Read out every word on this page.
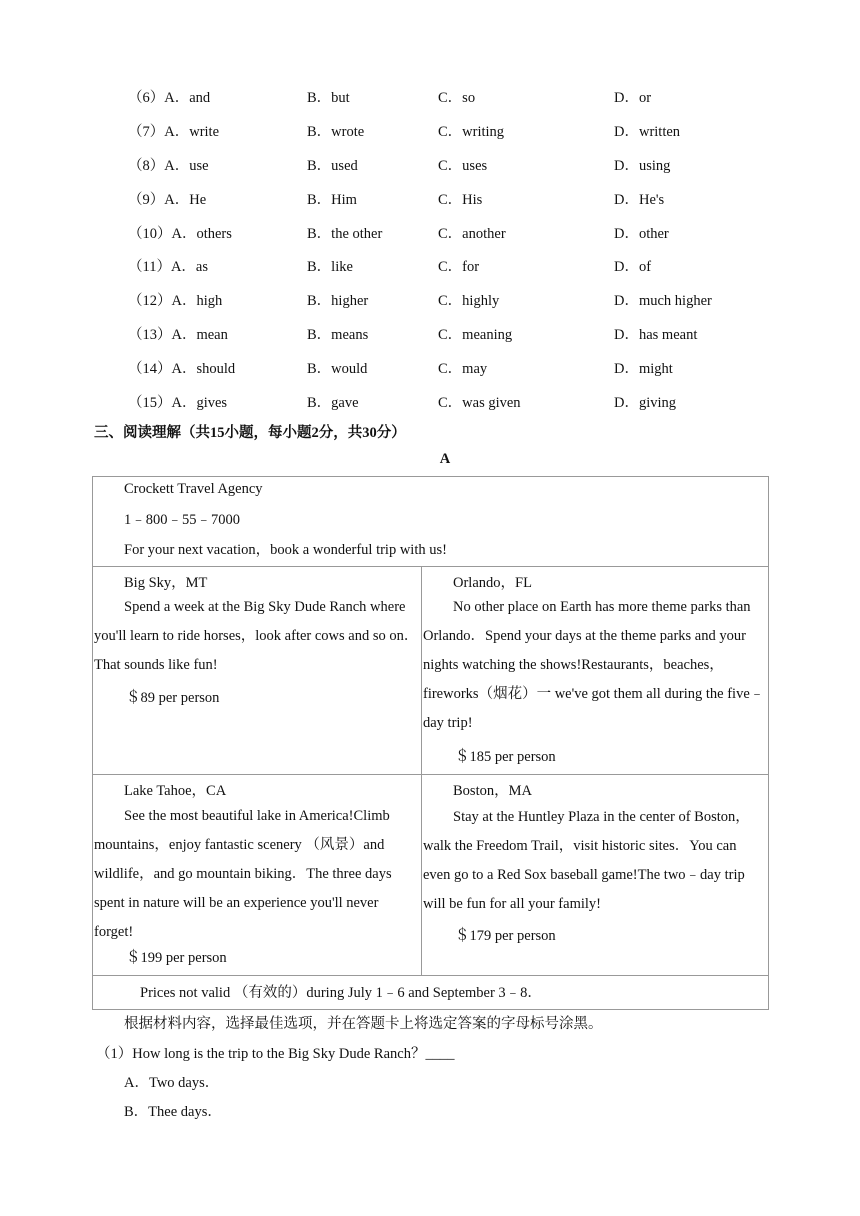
（6）A．and	B．but	C．so	D．or
（7）A．write	B．wrote	C．writing	D．written
（8）A．use	B．used	C．uses	D．using
（9）A．He	B．Him	C．His	D．He's
（10）A．others	B．the other	C．another	D．other
（11）A．as	B．like	C．for	D．of
（12）A．high	B．higher	C．highly	D．much higher
（13）A．mean	B．means	C．meaning	D．has meant
（14）A．should	B．would	C．may	D．might
（15）A．gives	B．gave	C．was given	D．giving
三、阅读理解（共15小题，每小题2分，共30分）
A
Crockett Travel Agency
1﹣800﹣55﹣7000
For your next vacation，book a wonderful trip with us!
Big Sky，MT
Spend a week at the Big Sky Dude Ranch where you'll learn to ride horses，look after cows and so on．That sounds like fun!
＄89 per person
Orlando，FL
No other place on Earth has more theme parks than Orlando．Spend your days at the theme parks and your nights watching the shows!Restaurants，beaches，fireworks（烟花）一 we've got them all during the five﹣day trip!
＄185 per person
Lake Tahoe，CA
See the most beautiful lake in America!Climb mountains，enjoy fantastic scenery （风景）and wildlife，and go mountain biking．The three days spent in nature will be an experience you'll never forget!
＄199 per person
Boston，MA
Stay at the Huntley Plaza in the center of Boston，walk the Freedom Trail，visit historic sites．You can even go to a Red Sox baseball game!The two﹣day trip will be fun for all your family!
＄179 per person
Prices not valid （有效的）during July 1﹣6 and September 3﹣8．
根据材料内容，选择最佳选项，并在答题卡上将选定答案的字母标号涂黑。
（1）How long is the trip to the Big Sky Dude Ranch？____
A．Two days．
B．Thee days．
